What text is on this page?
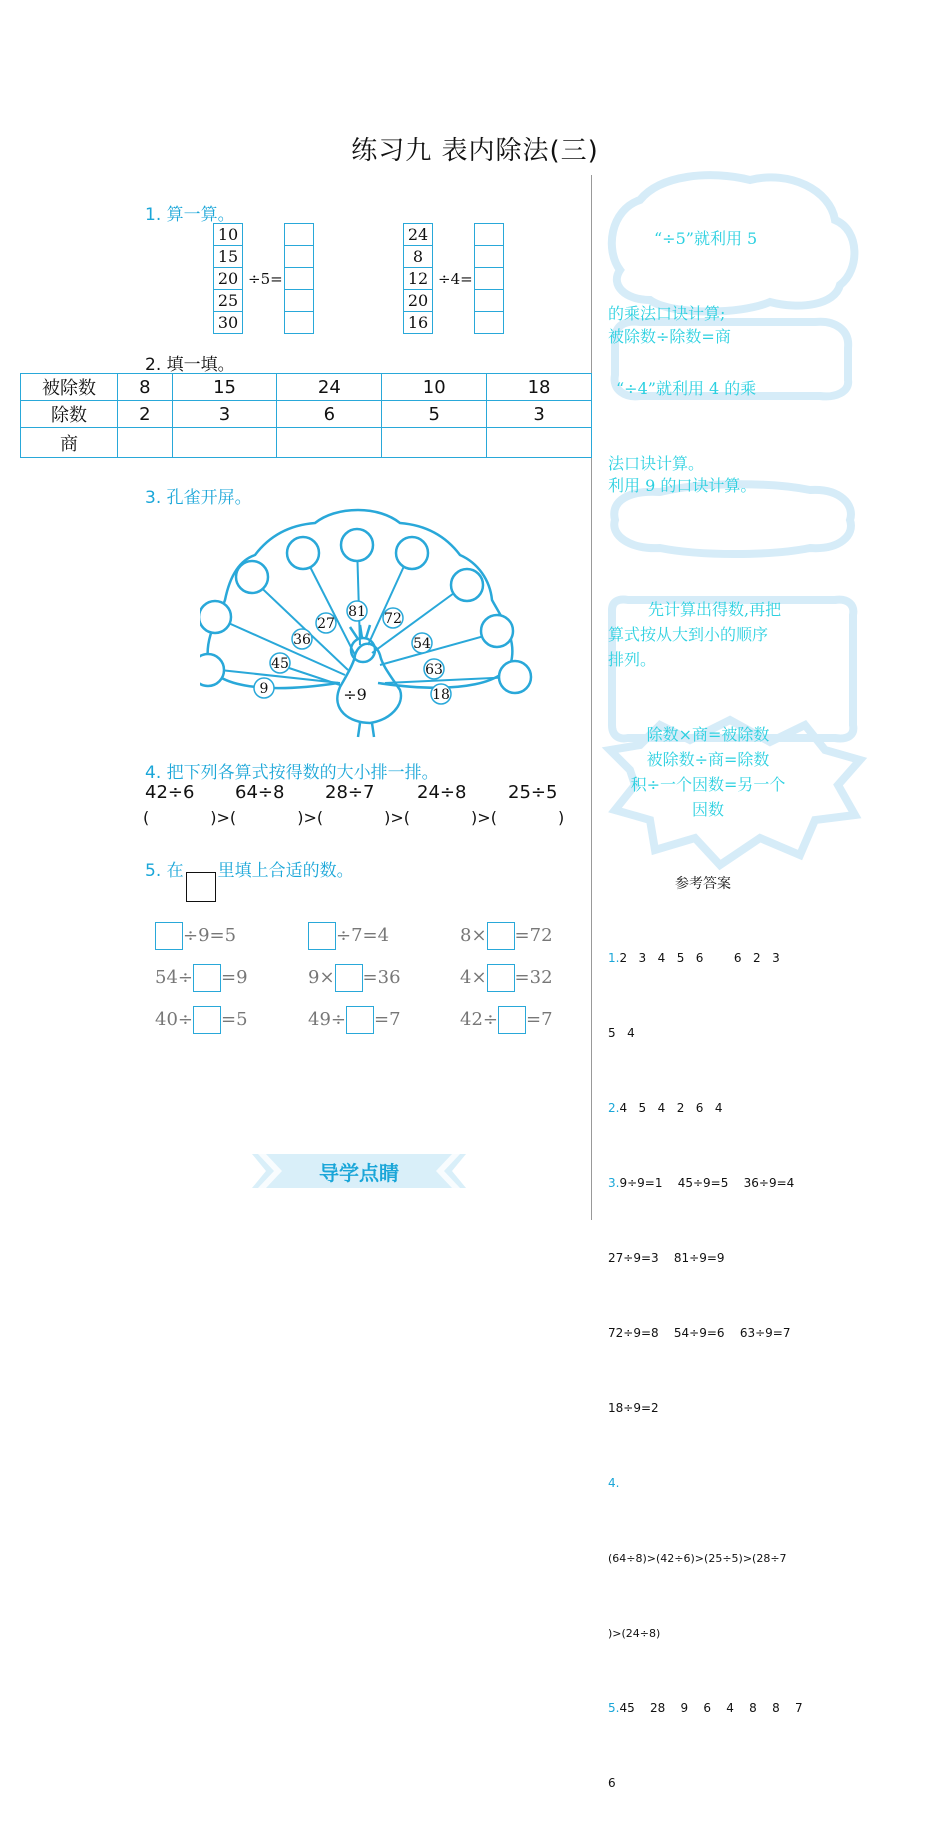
练习九 表内除法(三)
1. 算一算。
10
15
20
25
30
÷5=
24
8
12
20
16
÷4=
2. 填一填。
被除数	8	15	24	10	18
除数	2	3	6	5	3
商					
3. 孔雀开屏。
9
45
36
27
81 72
54
63
18
÷9
4. 把下列各算式按得数的大小排一排。
42÷6 64÷8 28÷7 24÷8 25÷5
(            )>(            )>(            )>(            )>(            )
5. 在 里填上合适的数。
÷9=5	÷7=4	8× =72
54÷ =9	9× =36	4× =32
40÷ =5	49÷ =7	42÷ =7
导学点睛

“÷5”就利用 5

的乘法口诀计算;

“÷4”就利用 4 的乘

法口诀计算。

被除数÷除数=商
利用 9 的口诀计算。
先计算出得数,再把
算式按从大到小的顺序
排列。
除数×商=被除数
被除数÷商=除数
积÷一个因数=另一个
因数
参考答案

1.2   3   4   5   6        6   2   3

5   4

2.4   5   4   2   6   4

3.9÷9=1    45÷9=5    36÷9=4

27÷9=3    81÷9=9

72÷9=8    54÷9=6    63÷9=7

18÷9=2

4.

(64÷8)>(42÷6)>(25÷5)>(28÷7

)>(24÷8)

5.45    28    9    6    4    8    8    7

6
